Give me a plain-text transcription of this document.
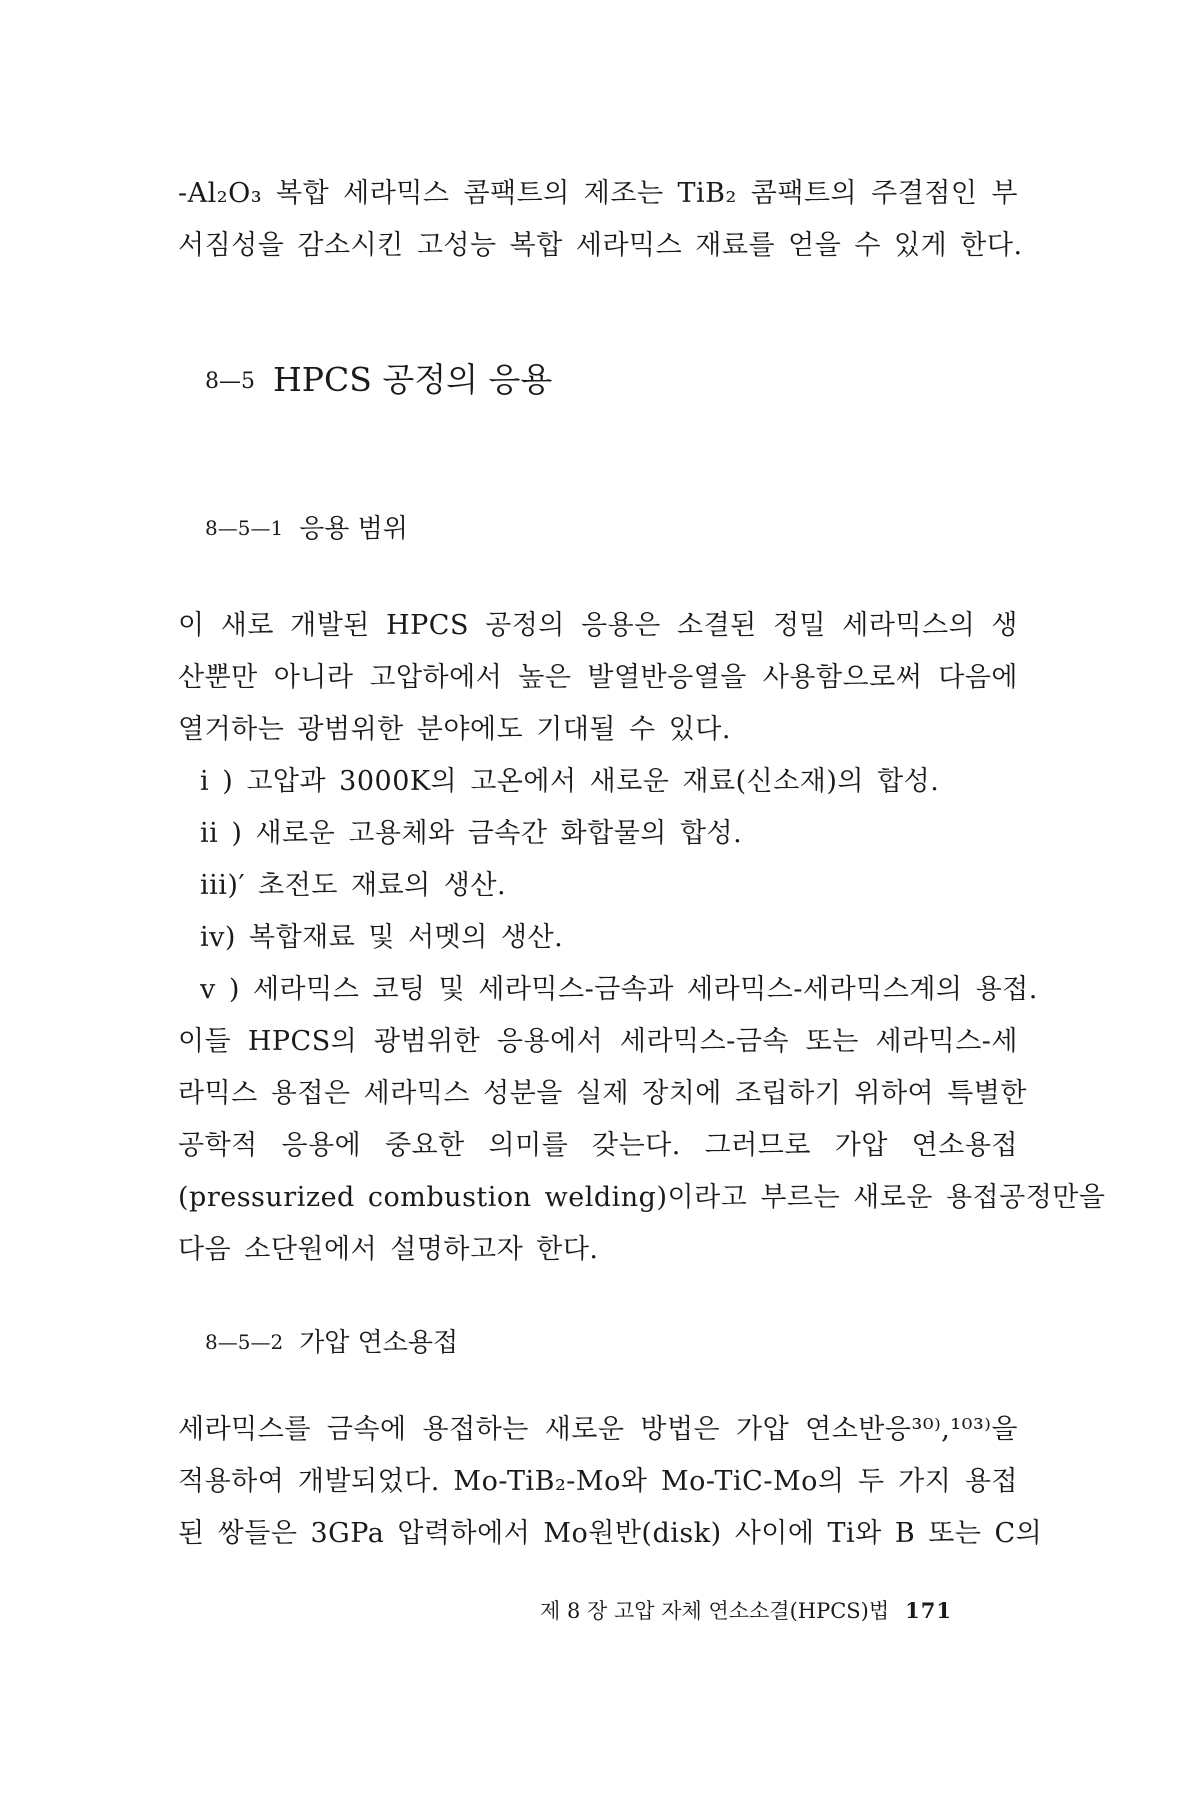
-Al₂O₃ 복합 세라믹스 콤팩트의 제조는 TiB₂ 콤팩트의 주결점인 부
서짐성을 감소시킨 고성능 복합 세라믹스 재료를 얻을 수 있게 한다.
8—5 HPCS 공정의 응용
8—5—1 응용 범위
이 새로 개발된 HPCS 공정의 응용은 소결된 정밀 세라믹스의 생
산뿐만 아니라 고압하에서 높은 발열반응열을 사용함으로써 다음에
열거하는 광범위한 분야에도 기대될 수 있다.
i ) 고압과 3000K의 고온에서 새로운 재료(신소재)의 합성.
ii ) 새로운 고용체와 금속간 화합물의 합성.
iii)′ 초전도 재료의 생산.
iv) 복합재료 및 서멧의 생산.
v ) 세라믹스 코팅 및 세라믹스-금속과 세라믹스-세라믹스계의 용접.
이들 HPCS의 광범위한 응용에서 세라믹스-금속 또는 세라믹스-세
라믹스 용접은 세라믹스 성분을 실제 장치에 조립하기 위하여 특별한
공학적 응용에 중요한 의미를 갖는다. 그러므로 가압 연소용접
(pressurized combustion welding)이라고 부르는 새로운 용접공정만을
다음 소단원에서 설명하고자 한다.
8—5—2 가압 연소용접
세라믹스를 금속에 용접하는 새로운 방법은 가압 연소반응³⁰⁾,¹⁰³⁾을
적용하여 개발되었다. Mo-TiB₂-Mo와 Mo-TiC-Mo의 두 가지 용접
된 쌍들은 3GPa 압력하에서 Mo원반(disk) 사이에 Ti와 B 또는 C의
제 8 장 고압 자체 연소소결(HPCS)법 171
